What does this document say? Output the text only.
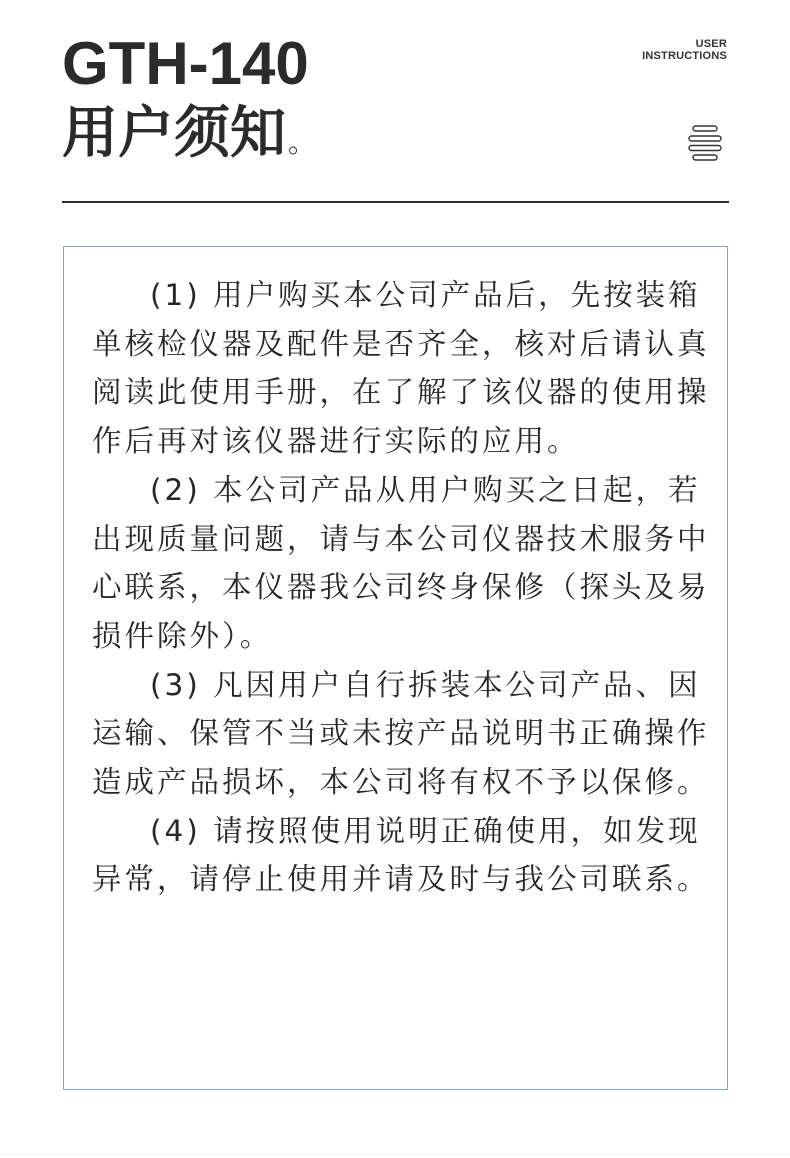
GTH-140
用户须知。
USER
INSTRUCTIONS

(1) 用户购买本公司产品后，先按装箱单核检仪器及配件是否齐全，核对后请认真阅读此使用手册，在了解了该仪器的使用操作后再对该仪器进行实际的应用。

(2) 本公司产品从用户购买之日起，若出现质量问题，请与本公司仪器技术服务中心联系，本仪器我公司终身保修（探头及易损件除外）。

(3) 凡因用户自行拆装本公司产品、因运输、保管不当或未按产品说明书正确操作造成产品损坏，本公司将有权不予以保修。

(4) 请按照使用说明正确使用，如发现异常，请停止使用并请及时与我公司联系。
